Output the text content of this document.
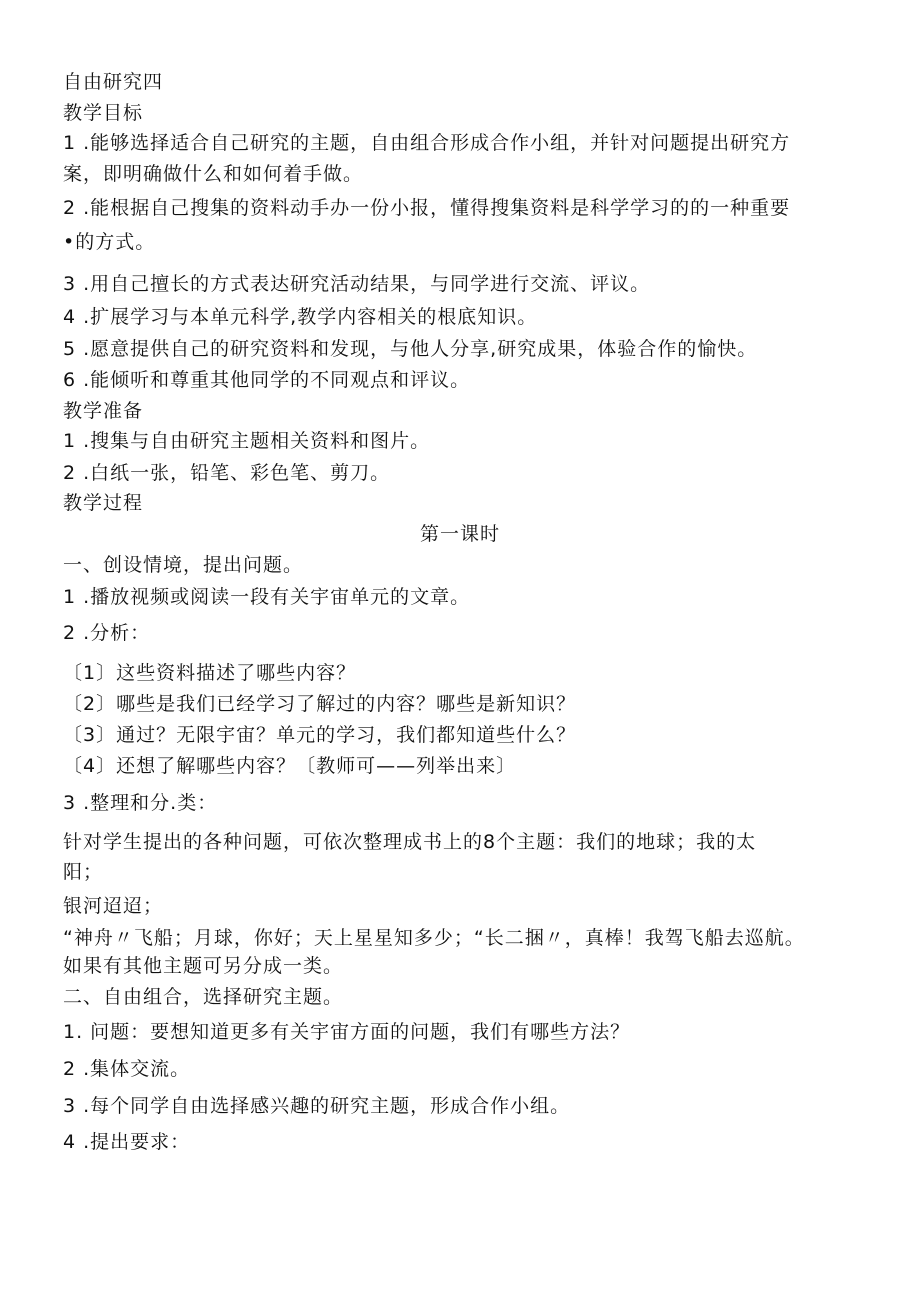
自由研究四
教学目标
1 .能够选择适合自己研究的主题，自由组合形成合作小组，并针对问题提出研究方
案，即明确做什么和如何着手做。
2 .能根据自己搜集的资料动手办一份小报，懂得搜集资料是科学学习的的一种重要
•的方式。
3 .用自己擅长的方式表达研究活动结果，与同学进行交流、评议。
4 .扩展学习与本单元科学,教学内容相关的根底知识。
5 .愿意提供自己的研究资料和发现，与他人分享,研究成果，体验合作的愉快。
6 .能倾听和尊重其他同学的不同观点和评议。
教学准备
1 .搜集与自由研究主题相关资料和图片。
2 .白纸一张，铅笔、彩色笔、剪刀。
教学过程
第一课时
一、创设情境，提出问题。
1 .播放视频或阅读一段有关宇宙单元的文章。
2 .分析：
〔1〕这些资料描述了哪些内容？
〔2〕哪些是我们已经学习了解过的内容？哪些是新知识？
〔3〕通过？无限宇宙？单元的学习，我们都知道些什么？
〔4〕还想了解哪些内容？〔教师可——列举出来〕
3 .整理和分.类：
针对学生提出的各种问题，可依次整理成书上的8个主题：我们的地球；我的太
阳；
银河迢迢；
“神舟〃飞船；月球，你好；天上星星知多少；“长二捆〃，真棒！我驾飞船去巡航。
如果有其他主题可另分成一类。
二、自由组合，选择研究主题。
1. 问题：要想知道更多有关宇宙方面的问题，我们有哪些方法？
2 .集体交流。
3 .每个同学自由选择感兴趣的研究主题，形成合作小组。
4 .提出要求：
